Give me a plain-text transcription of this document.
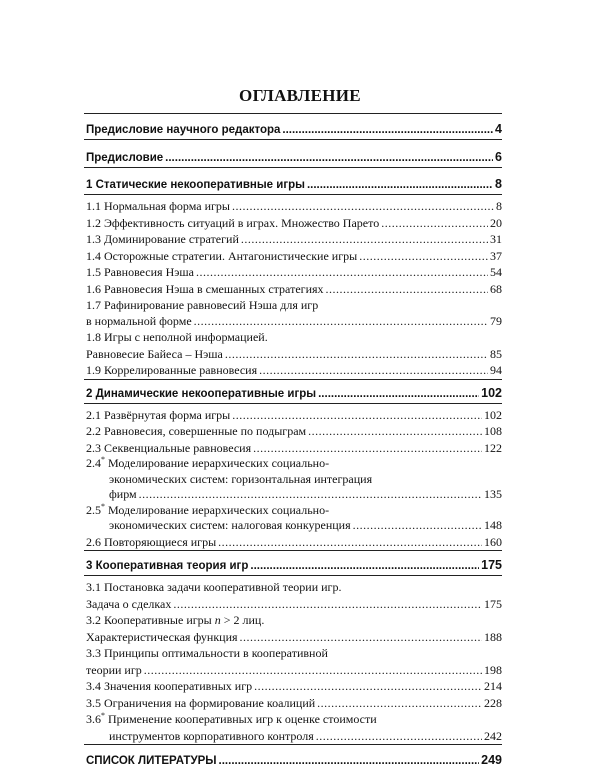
ОГЛАВЛЕНИЕ
Предисловие научного редактора .....	4
Предисловие .....	6
1 Статические некооперативные игры .....	8
1.1 Нормальная форма игры .....	8
1.2 Эффективность ситуаций в играх. Множество Парето .....	20
1.3 Доминирование стратегий .....	31
1.4 Осторожные стратегии. Антагонистические игры .....	37
1.5 Равновесия Нэша .....	54
1.6 Равновесия Нэша в смешанных стратегиях .....	68
1.7 Рафинирование равновесий Нэша для игр
в нормальной форме .....	79
1.8 Игры с неполной информацией.
Равновесие Байеса – Нэша .....	85
1.9 Коррелированные равновесия .....	94
2 Динамические некооперативные игры .....	102
2.1 Развёрнутая форма игры .....	102
2.2 Равновесия, совершенные по подыграм .....	108
2.3 Секвенциальные равновесия .....	122
2.4* Моделирование иерархических социально-
экономических систем: горизонтальная интеграция
фирм .....	135
2.5* Моделирование иерархических социально-
экономических систем: налоговая конкуренция .....	148
2.6 Повторяющиеся игры .....	160
3 Кооперативная теория игр .....	175
3.1 Постановка задачи кооперативной теории игр.
Задача о сделках .....	175
3.2 Кооперативные игры n > 2 лиц.
Характеристическая функция .....	188
3.3 Принципы оптимальности в кооперативной
теории игр .....	198
3.4 Значения кооперативных игр .....	214
3.5 Ограничения на формирование коалиций .....	228
3.6* Применение кооперативных игр к оценке стоимости
инструментов корпоративного контроля .....	242
СПИСОК ЛИТЕРАТУРЫ .....	249
